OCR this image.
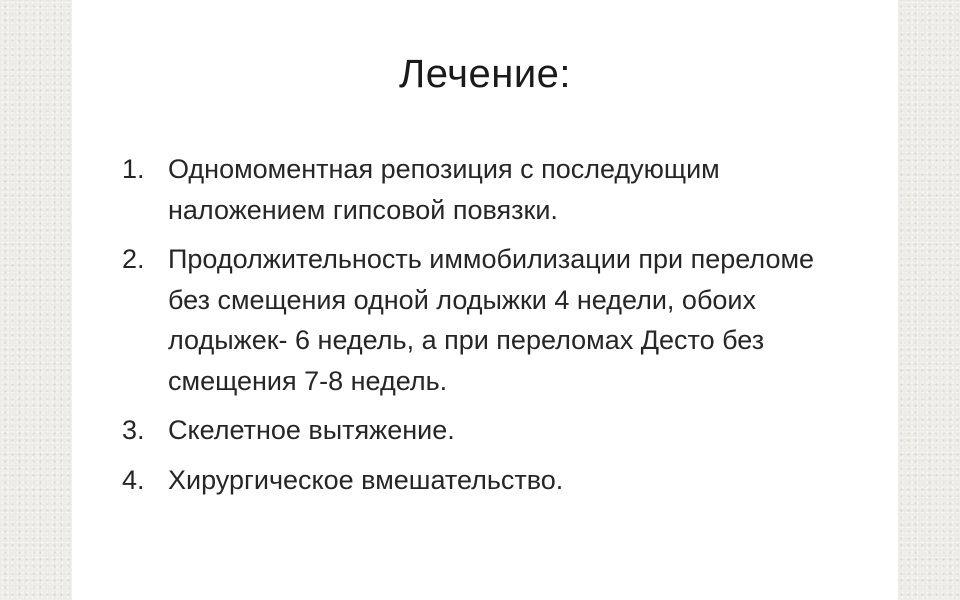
Лечение:
1. Одномоментная репозиция с последующим наложением гипсовой повязки.
2. Продолжительность иммобилизации при переломе без смещения одной лодыжки 4 недели, обоих лодыжек- 6 недель, а при переломах Десто без смещения 7-8 недель.
3. Скелетное вытяжение.
4. Хирургическое вмешательство.
